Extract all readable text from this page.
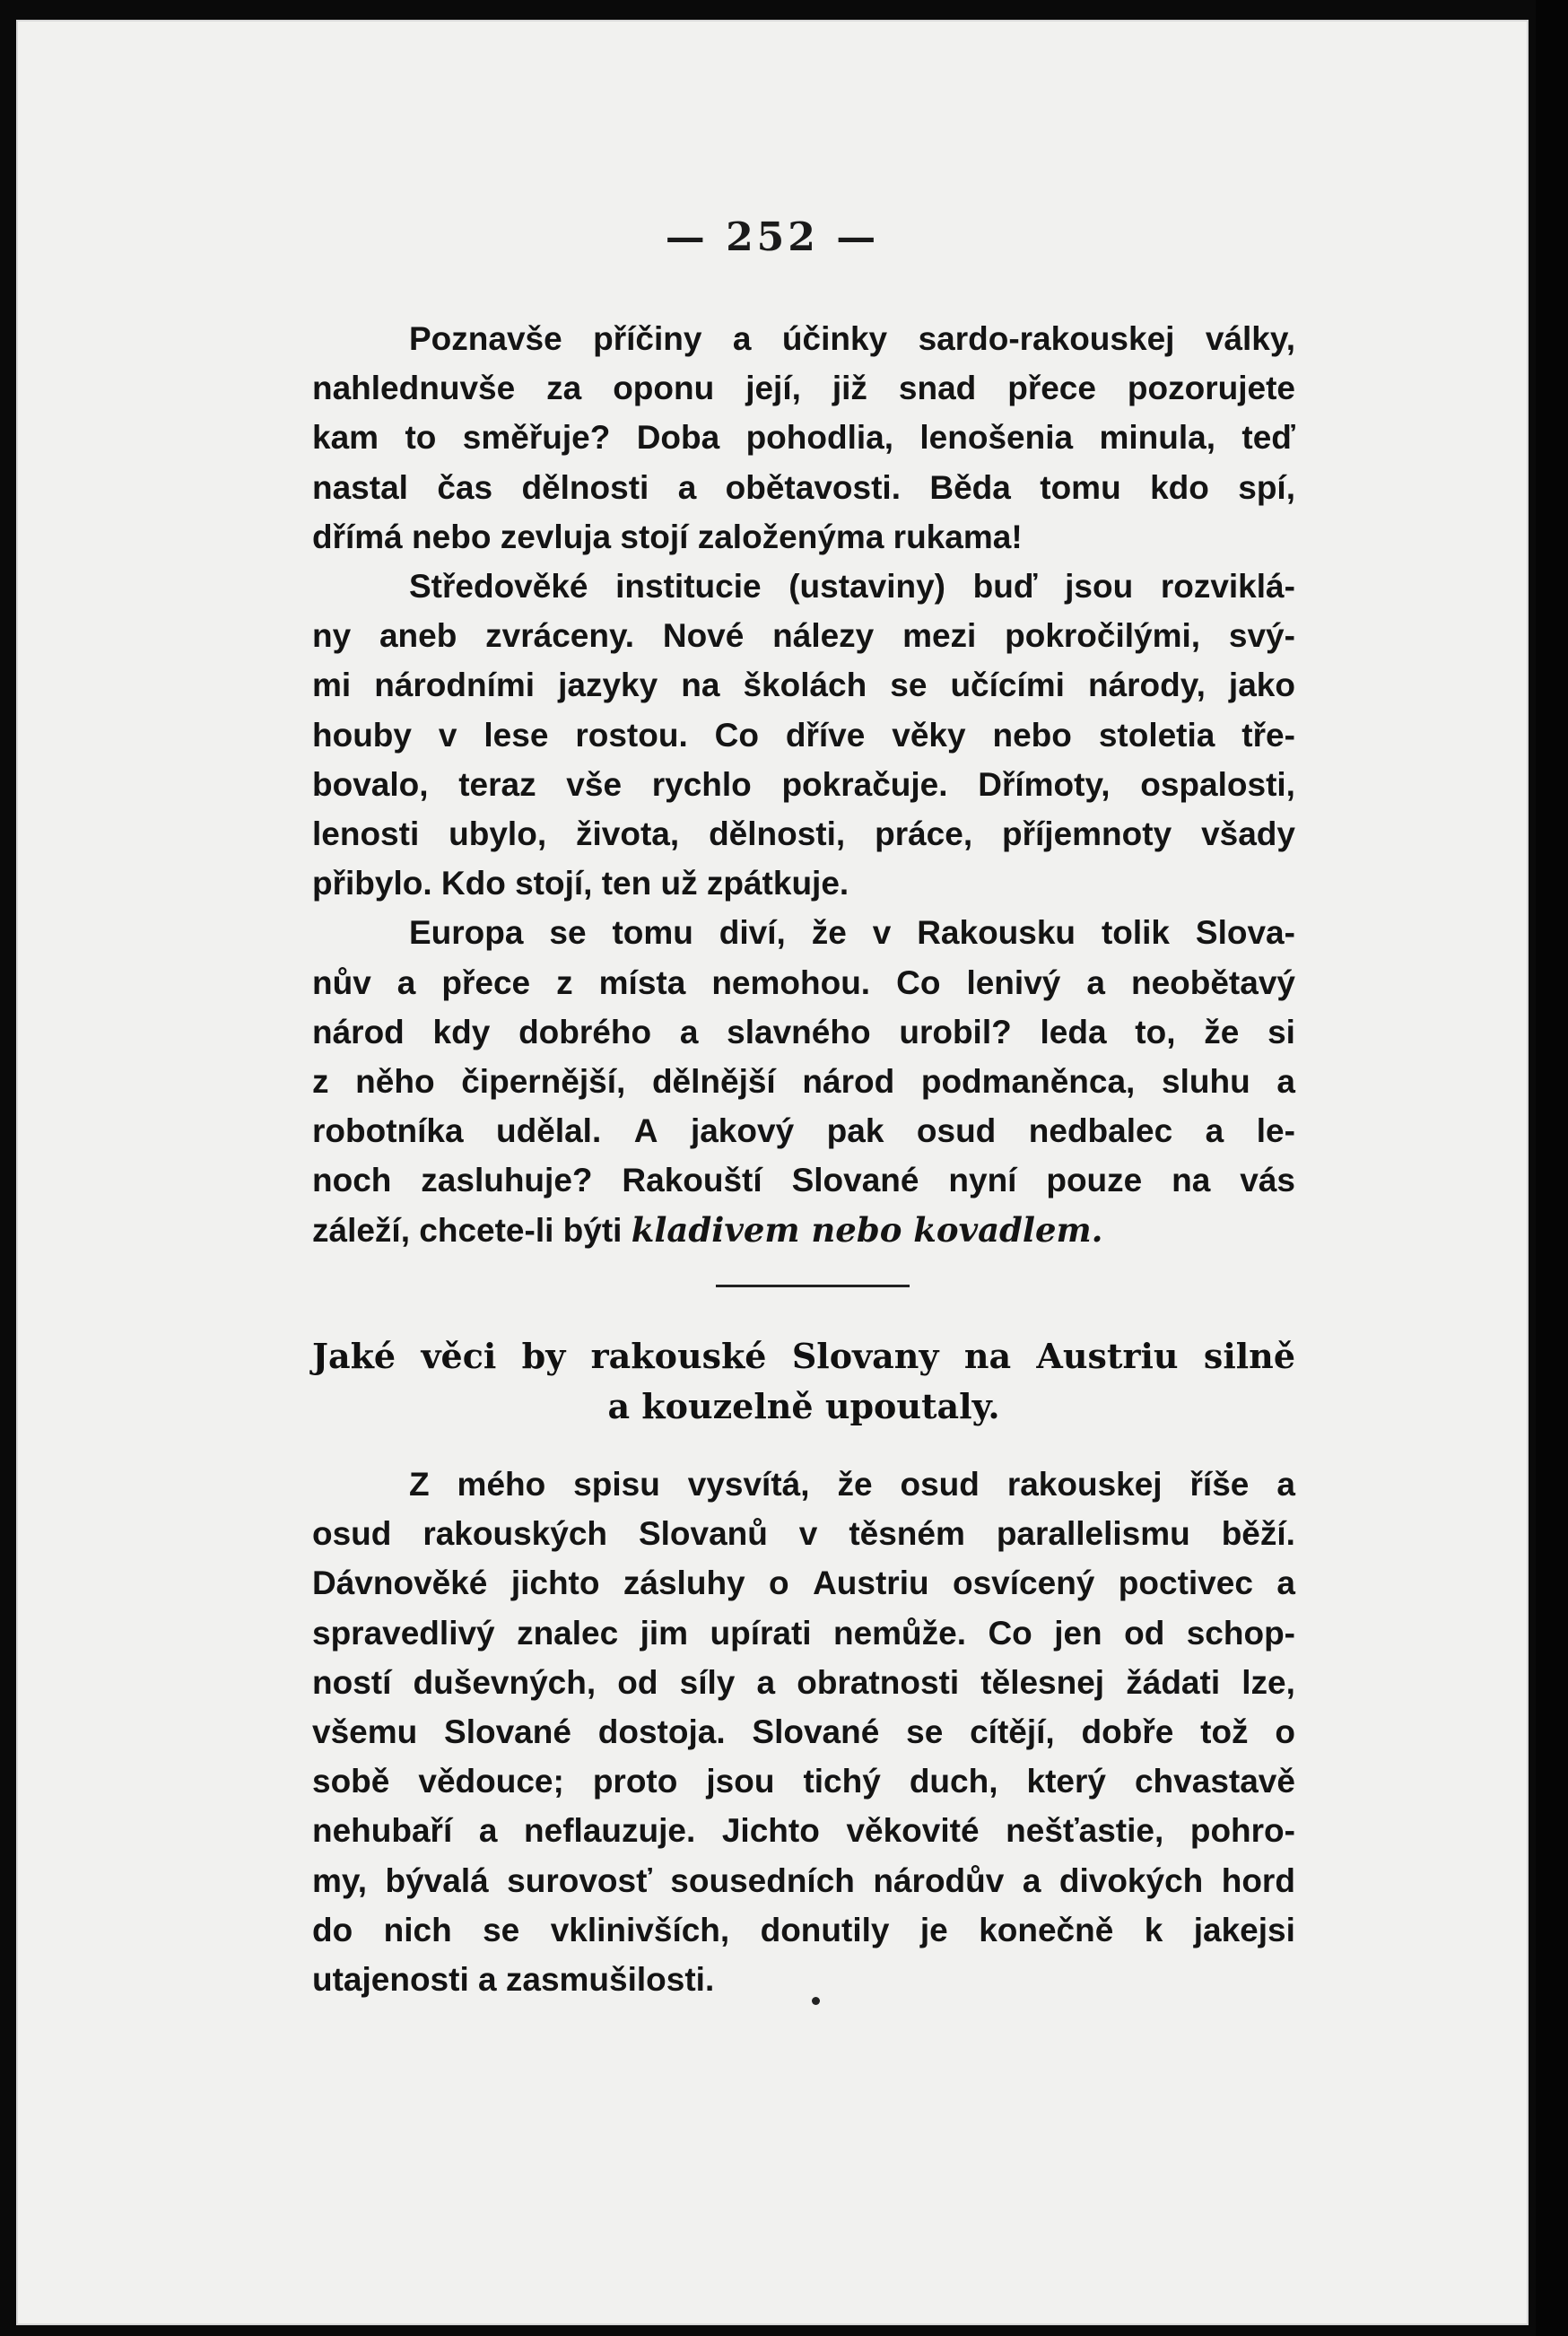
— 252 —
Poznavše příčiny a účinky sardo-rakouskej války,
nahlednuvše za oponu její, již snad přece pozorujete
kam to směřuje? Doba pohodlia, lenošenia minula, teď
nastal čas dělnosti a obětavosti. Běda tomu kdo spí,
dřímá nebo zevluja stojí založenýma rukama!
Středověké institucie (ustaviny) buď jsou rozviklá-
ny aneb zvráceny. Nové nálezy mezi pokročilými, svý-
mi národními jazyky na školách se učícími národy, jako
houby v lese rostou. Co dříve věky nebo stoletia tře-
bovalo, teraz vše rychlo pokračuje. Dřímoty, ospalosti,
lenosti ubylo, života, dělnosti, práce, příjemnoty všady
přibylo. Kdo stojí, ten už zpátkuje.
Europa se tomu diví, že v Rakousku tolik Slova-
nův a přece z místa nemohou. Co lenivý a neobětavý
národ kdy dobrého a slavného urobil? leda to, že si
z něho čipernější, dělnější národ podmaněnca, sluhu a
robotníka udělal. A jakový pak osud nedbalec a le-
noch zasluhuje? Rakouští Slované nyní pouze na vás
záleží, chcete-li býti kladivem nebo kovadlem.
Jaké věci by rakouské Slovany na Austriu silně
a kouzelně upoutaly.
Z mého spisu vysvítá, že osud rakouskej říše a
osud rakouských Slovanů v těsném parallelismu běží.
Dávnověké jichto zásluhy o Austriu osvícený poctivec a
spravedlivý znalec jim upírati nemůže. Co jen od schop-
ností duševných, od síly a obratnosti tělesnej žádati lze,
všemu Slované dostoja. Slované se cítějí, dobře tož o
sobě vědouce; proto jsou tichý duch, který chvastavě
nehubaří a neflauzuje. Jichto věkovité nešťastie, pohro-
my, bývalá surovosť sousedních národův a divokých hord
do nich se vklinivších, donutily je konečně k jakejsi
utajenosti a zasmušilosti.
